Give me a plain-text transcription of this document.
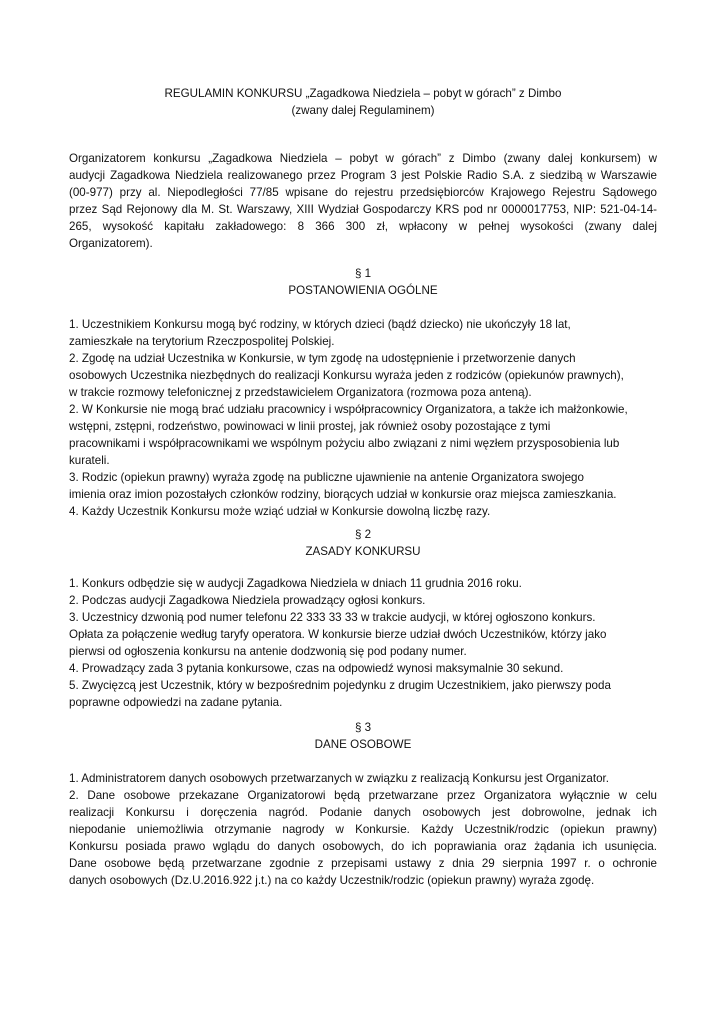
REGULAMIN KONKURSU „Zagadkowa Niedziela – pobyt w górach” z Dimbo
(zwany dalej Regulaminem)
Organizatorem konkursu „Zagadkowa Niedziela – pobyt w górach” z Dimbo (zwany dalej konkursem) w
audycji Zagadkowa Niedziela realizowanego przez Program 3 jest Polskie Radio S.A. z siedzibą w Warszawie
(00-977) przy al. Niepodległości 77/85 wpisane do rejestru przedsiębiorców Krajowego Rejestru Sądowego
przez Sąd Rejonowy dla M. St. Warszawy, XIII Wydział Gospodarczy KRS pod nr 0000017753, NIP: 521-04-14-
265, wysokość kapitału zakładowego: 8 366 300 zł, wpłacony w pełnej wysokości (zwany dalej
Organizatorem).
§ 1
POSTANOWIENIA OGÓLNE
1. Uczestnikiem Konkursu mogą być rodziny, w których dzieci (bądź dziecko) nie ukończyły 18 lat,
zamieszkałe na terytorium Rzeczpospolitej Polskiej.
2. Zgodę na udział Uczestnika w Konkursie, w tym zgodę na udostępnienie i przetworzenie danych
osobowych Uczestnika niezbędnych do realizacji Konkursu wyraża jeden z rodziców (opiekunów prawnych),
w trakcie rozmowy telefonicznej z przedstawicielem Organizatora (rozmowa poza anteną).
2. W Konkursie nie mogą brać udziału pracownicy i współpracownicy Organizatora, a także ich małżonkowie,
wstępni, zstępni, rodzeństwo, powinowaci w linii prostej, jak również osoby pozostające z tymi
pracownikami i współpracownikami we wspólnym pożyciu albo związani z nimi węzłem przysposobienia lub
kurateli.
3. Rodzic (opiekun prawny) wyraża zgodę na publiczne ujawnienie na antenie Organizatora swojego
imienia oraz imion pozostałych członków rodziny, biorących udział w konkursie oraz miejsca zamieszkania.
4. Każdy Uczestnik Konkursu może wziąć udział w Konkursie dowolną liczbę razy.
§ 2
ZASADY KONKURSU
1. Konkurs odbędzie się w audycji Zagadkowa Niedziela w dniach 11 grudnia 2016 roku.
2. Podczas audycji Zagadkowa Niedziela prowadzący ogłosi konkurs.
3. Uczestnicy dzwonią pod numer telefonu 22 333 33 33 w trakcie audycji, w której ogłoszono konkurs.
Opłata za połączenie według taryfy operatora. W konkursie bierze udział dwóch Uczestników, którzy jako
pierwsi od ogłoszenia konkursu na antenie dodzwonią się pod podany numer.
4. Prowadzący zada 3 pytania konkursowe, czas na odpowiedź wynosi maksymalnie 30 sekund.
5. Zwycięzcą jest Uczestnik, który w bezpośrednim pojedynku z drugim Uczestnikiem, jako pierwszy poda
poprawne odpowiedzi na zadane pytania.
§ 3
DANE OSOBOWE
1. Administratorem danych osobowych przetwarzanych w związku z realizacją Konkursu jest Organizator.
2. Dane osobowe przekazane Organizatorowi będą przetwarzane przez Organizatora wyłącznie w celu
realizacji Konkursu i doręczenia nagród. Podanie danych osobowych jest dobrowolne, jednak ich
niepodanie uniemożliwia otrzymanie nagrody w Konkursie. Każdy Uczestnik/rodzic (opiekun prawny)
Konkursu posiada prawo wglądu do danych osobowych, do ich poprawiania oraz żądania ich usunięcia.
Dane osobowe będą przetwarzane zgodnie z przepisami ustawy z dnia 29 sierpnia 1997 r. o ochronie
danych osobowych (Dz.U.2016.922 j.t.) na co każdy Uczestnik/rodzic (opiekun prawny) wyraża zgodę.
